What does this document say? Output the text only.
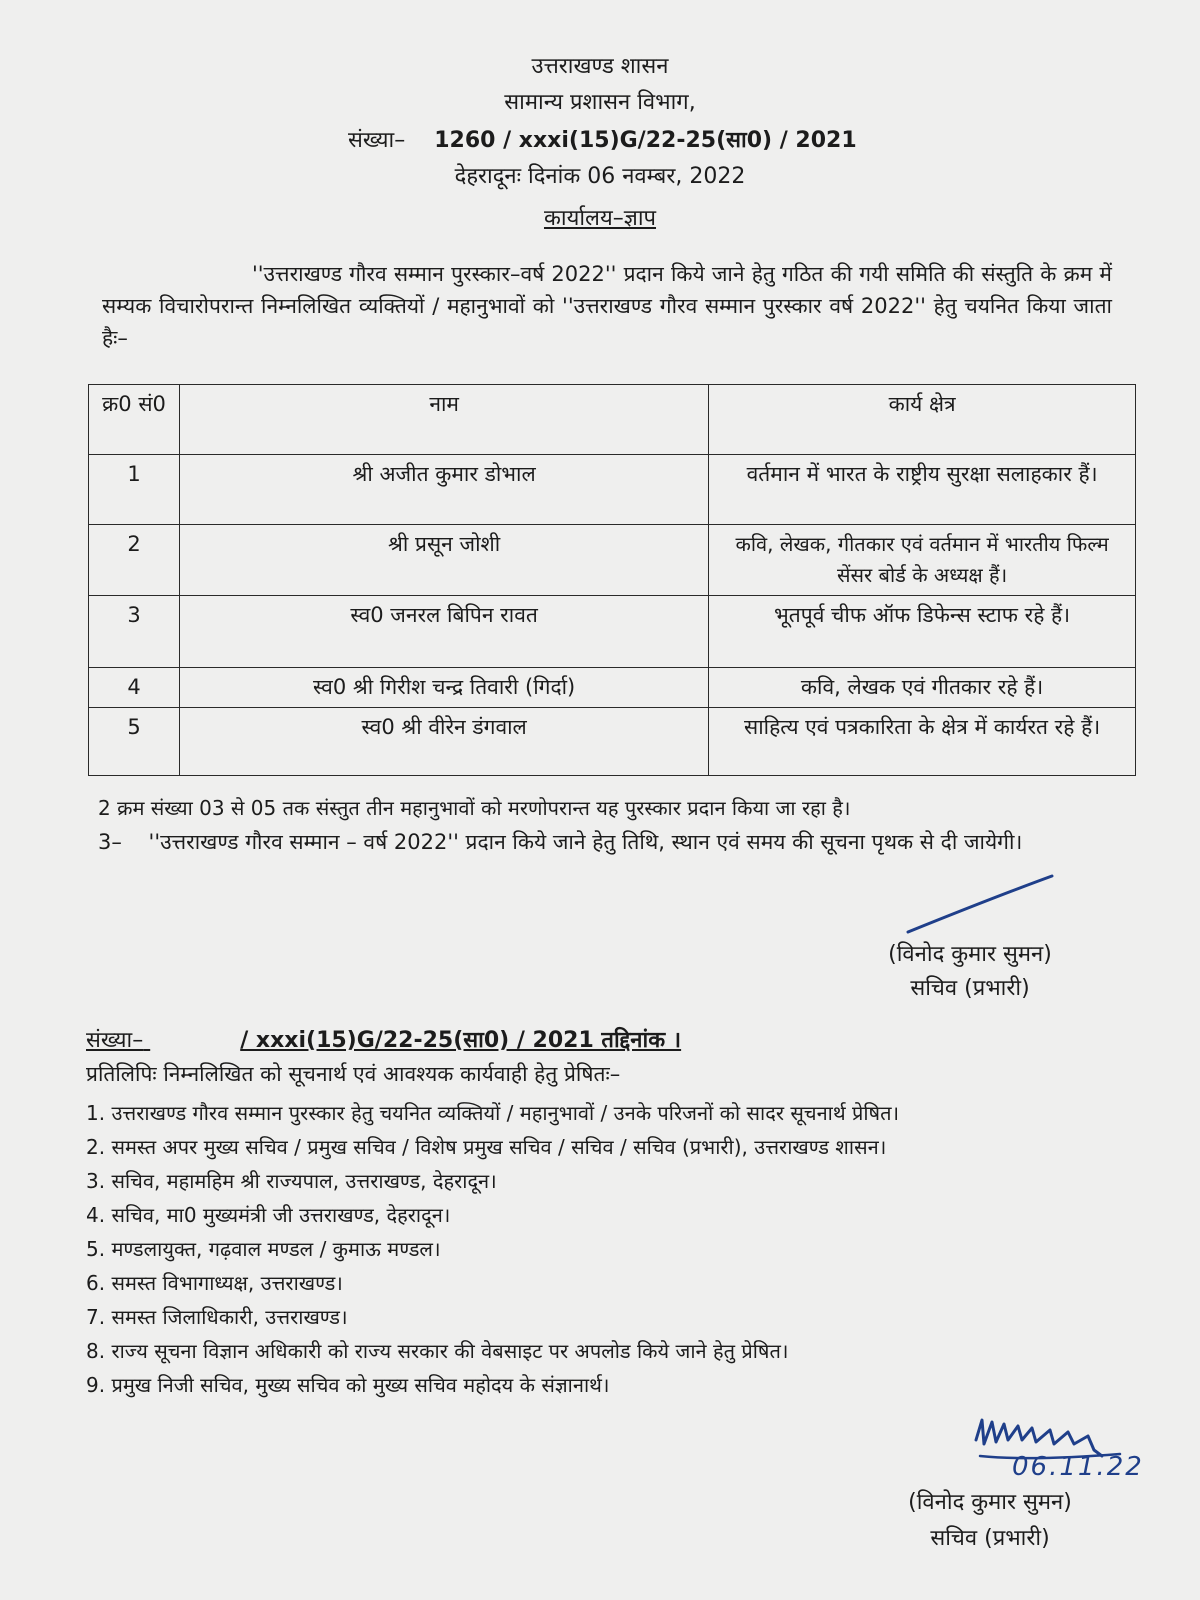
उत्तराखण्ड शासन
सामान्य प्रशासन विभाग,
संख्या– 1260 / xxxi(15)G/22-25(सा0) / 2021
देहरादूनः दिनांक 06 नवम्बर, 2022
कार्यालय–ज्ञाप
''उत्तराखण्ड गौरव सम्मान पुरस्कार–वर्ष 2022'' प्रदान किये जाने हेतु गठित की गयी समिति की संस्तुति के क्रम में सम्यक विचारोपरान्त निम्नलिखित व्यक्तियों / महानुभावों को ''उत्तराखण्ड गौरव सम्मान पुरस्कार वर्ष 2022'' हेतु चयनित किया जाता हैः–
क्र0 सं0	नाम	कार्य क्षेत्र
1	श्री अजीत कुमार डोभाल	वर्तमान में भारत के राष्ट्रीय सुरक्षा सलाहकार हैं।
2	श्री प्रसून जोशी	कवि, लेखक, गीतकार एवं वर्तमान में भारतीय फिल्म सेंसर बोर्ड के अध्यक्ष हैं।
3	स्व0 जनरल बिपिन रावत	भूतपूर्व चीफ ऑफ डिफेन्स स्टाफ रहे हैं।
4	स्व0 श्री गिरीश चन्द्र तिवारी (गिर्दा)	कवि, लेखक एवं गीतकार रहे हैं।
5	स्व0 श्री वीरेन डंगवाल	साहित्य एवं पत्रकारिता के क्षेत्र में कार्यरत रहे हैं।
2 क्रम संख्या 03 से 05 तक संस्तुत तीन महानुभावों को मरणोपरान्त यह पुरस्कार प्रदान किया जा रहा है।
3–    ''उत्तराखण्ड गौरव सम्मान – वर्ष 2022'' प्रदान किये जाने हेतु तिथि, स्थान एवं समय की सूचना पृथक से दी जायेगी।
(विनोद कुमार सुमन)
सचिव (प्रभारी)
संख्या–	/ xxxi(15)G/22-25(सा0) / 2021 तद्दिनांक ।
प्रतिलिपिः निम्नलिखित को सूचनार्थ एवं आवश्यक कार्यवाही हेतु प्रेषितः–
1. उत्तराखण्ड गौरव सम्मान पुरस्कार हेतु चयनित व्यक्तियों / महानुभावों / उनके परिजनों को सादर सूचनार्थ प्रेषित।
2. समस्त अपर मुख्य सचिव / प्रमुख सचिव / विशेष प्रमुख सचिव / सचिव / सचिव (प्रभारी), उत्तराखण्ड शासन।
3. सचिव, महामहिम श्री राज्यपाल, उत्तराखण्ड, देहरादून।
4. सचिव, मा0 मुख्यमंत्री जी उत्तराखण्ड, देहरादून।
5. मण्डलायुक्त, गढ़वाल मण्डल / कुमाऊ मण्डल।
6. समस्त विभागाध्यक्ष, उत्तराखण्ड।
7. समस्त जिलाधिकारी, उत्तराखण्ड।
8. राज्य सूचना विज्ञान अधिकारी को राज्य सरकार की वेबसाइट पर अपलोड किये जाने हेतु प्रेषित।
9. प्रमुख निजी सचिव, मुख्य सचिव को मुख्य सचिव महोदय के संज्ञानार्थ।
06.11.22
(विनोद कुमार सुमन)
सचिव (प्रभारी)
